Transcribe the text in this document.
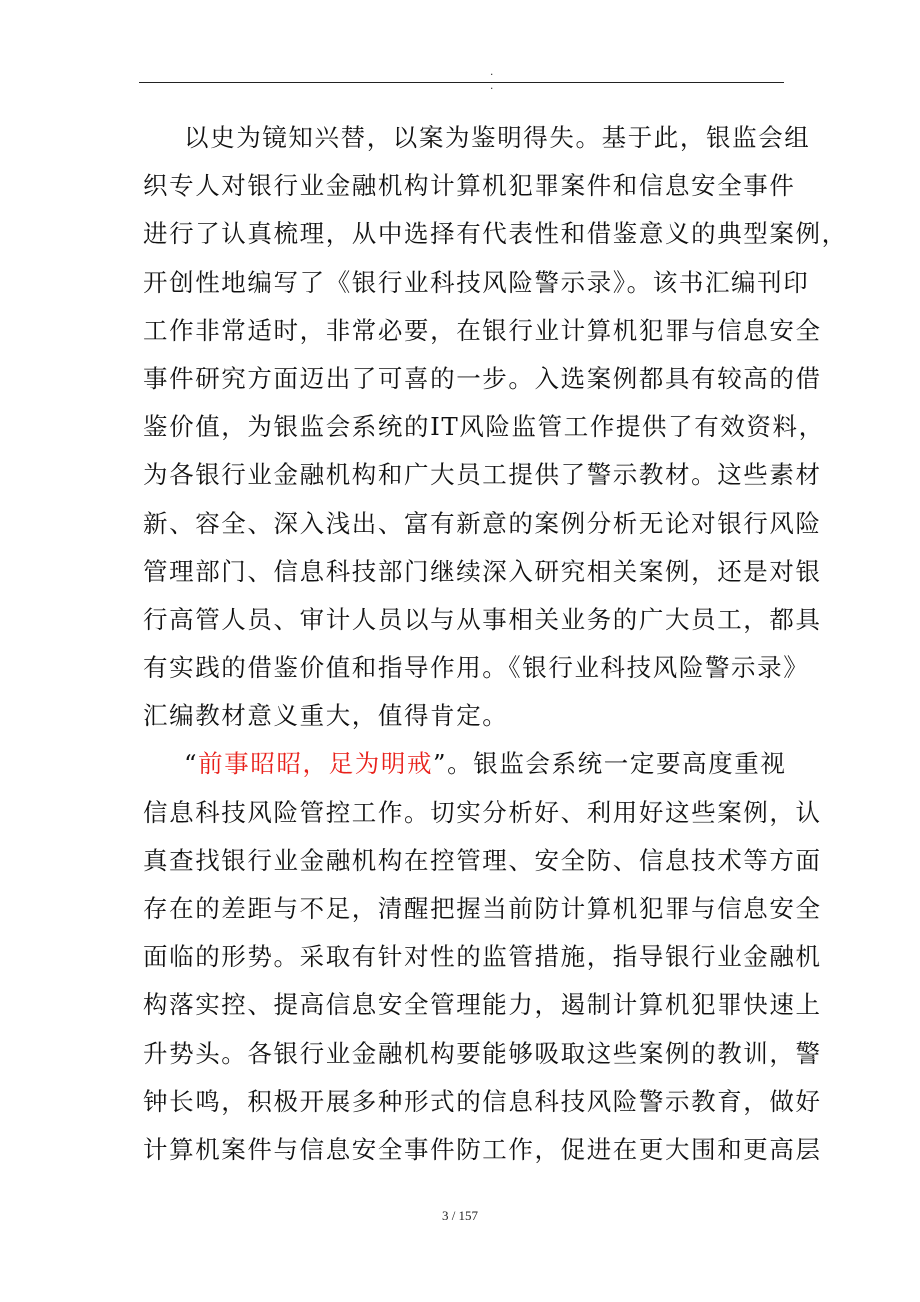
. .
以史为镜知兴替，以案为鉴明得失。基于此，银监会组
织专人对银行业金融机构计算机犯罪案件和信息安全事件
进行了认真梳理，从中选择有代表性和借鉴意义的典型案例，
开创性地编写了《银行业科技风险警示录》。该书汇编刊印
工作非常适时，非常必要，在银行业计算机犯罪与信息安全
事件研究方面迈出了可喜的一步。入选案例都具有较高的借
鉴价值，为银监会系统的IT风险监管工作提供了有效资料，
为各银行业金融机构和广大员工提供了警示教材。这些素材
新、容全、深入浅出、富有新意的案例分析无论对银行风险
管理部门、信息科技部门继续深入研究相关案例，还是对银
行高管人员、审计人员以与从事相关业务的广大员工，都具
有实践的借鉴价值和指导作用。《银行业科技风险警示录》
汇编教材意义重大，值得肯定。
“前事昭昭，足为明戒”。银监会系统一定要高度重视
信息科技风险管控工作。切实分析好、利用好这些案例，认
真查找银行业金融机构在控管理、安全防、信息技术等方面
存在的差距与不足，清醒把握当前防计算机犯罪与信息安全
面临的形势。采取有针对性的监管措施，指导银行业金融机
构落实控、提高信息安全管理能力，遏制计算机犯罪快速上
升势头。各银行业金融机构要能够吸取这些案例的教训，警
钟长鸣，积极开展多种形式的信息科技风险警示教育，做好
计算机案件与信息安全事件防工作，促进在更大围和更高层
3 / 157
